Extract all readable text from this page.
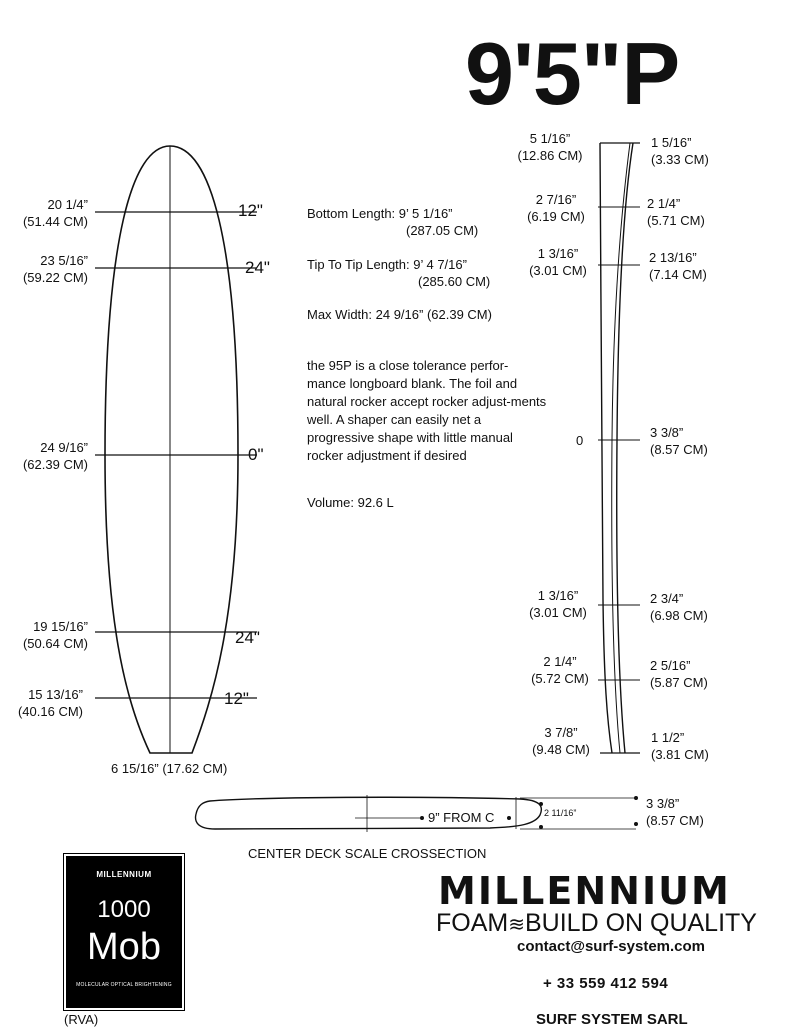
9'5"P
20 1/4”
(51.44 CM)
23 5/16”
(59.22 CM)
24 9/16”
(62.39 CM)
19 15/16”
(50.64 CM)
15 13/16”
(40.16 CM)
12"
24"
0"
24"
12"
6 15/16” (17.62 CM)
Bottom Length: 9’ 5 1/16”
(287.05 CM)
Tip To Tip Length: 9’ 4 7/16”
(285.60 CM)
Max Width: 24 9/16” (62.39 CM)
the 95P is a close tolerance perfor-mance longboard blank. The foil and natural rocker accept rocker adjust-ments well. A shaper can easily net a progressive shape with little manual rocker adjustment if desired
Volume: 92.6 L
5 1/16”
(12.86 CM)
2 7/16”
(6.19 CM)
1 3/16”
(3.01 CM)
0
1 3/16”
(3.01 CM)
2 1/4”
(5.72 CM)
3 7/8”
(9.48 CM)
1 5/16”
(3.33 CM)
2 1/4”
(5.71 CM)
2 13/16”
(7.14 CM)
3 3/8”
(8.57 CM)
2 3/4”
(6.98 CM)
2 5/16”
(5.87 CM)
1 1/2”
(3.81 CM)
9” FROM C	2 11/16”
3 3/8”
(8.57 CM)
CENTER DECK SCALE CROSSECTION
MILLENNIUM
1000
Mob
MOLECULAR OPTICAL BRIGHTENING
(RVA)
MILLENNIUM
FOAM≋BUILD ON QUALITY
contact@surf-system.com
+ 33 559 412 594
SURF SYSTEM SARL
